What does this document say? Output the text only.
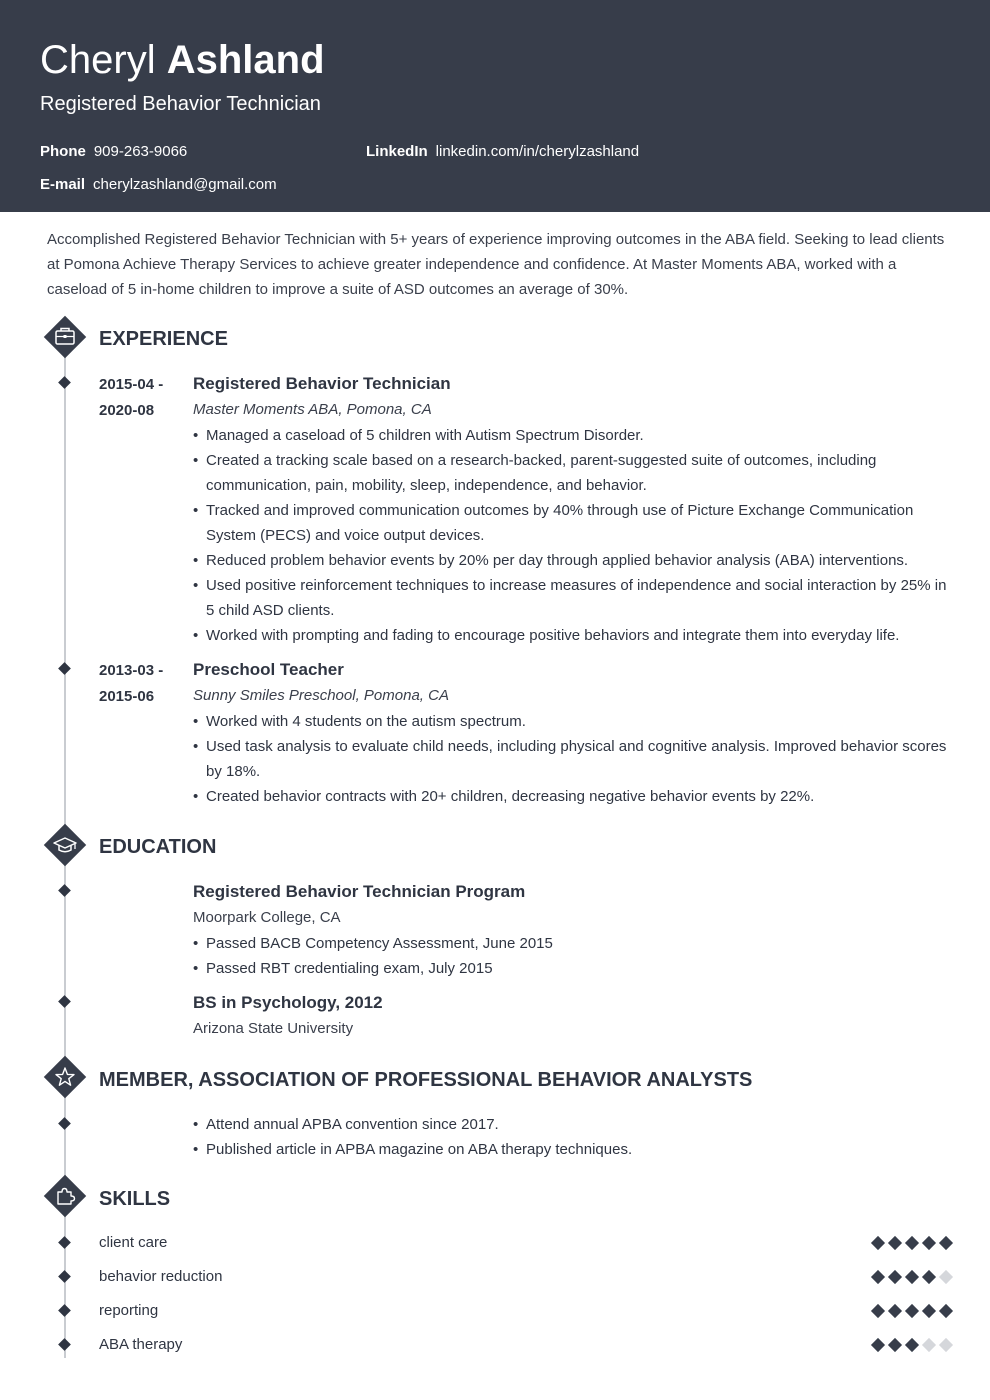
Cheryl Ashland
Registered Behavior Technician
Phone 909-263-9066	LinkedIn linkedin.com/in/cherylzashland
E-mail cherylzashland@gmail.com
Accomplished Registered Behavior Technician with 5+ years of experience improving outcomes in the ABA field. Seeking to lead clients at Pomona Achieve Therapy Services to achieve greater independence and confidence. At Master Moments ABA, worked with a caseload of 5 in-home children to improve a suite of ASD outcomes an average of 30%.
EXPERIENCE
2015-04 -
2020-08
Registered Behavior Technician
Master Moments ABA, Pomona, CA
• Managed a caseload of 5 children with Autism Spectrum Disorder.
• Created a tracking scale based on a research-backed, parent-suggested suite of outcomes, including communication, pain, mobility, sleep, independence, and behavior.
• Tracked and improved communication outcomes by 40% through use of Picture Exchange Communication System (PECS) and voice output devices.
• Reduced problem behavior events by 20% per day through applied behavior analysis (ABA) interventions.
• Used positive reinforcement techniques to increase measures of independence and social interaction by 25% in 5 child ASD clients.
• Worked with prompting and fading to encourage positive behaviors and integrate them into everyday life.
2013-03 -
2015-06
Preschool Teacher
Sunny Smiles Preschool, Pomona, CA
• Worked with 4 students on the autism spectrum.
• Used task analysis to evaluate child needs, including physical and cognitive analysis. Improved behavior scores by 18%.
• Created behavior contracts with 20+ children, decreasing negative behavior events by 22%.
EDUCATION
Registered Behavior Technician Program
Moorpark College, CA
• Passed BACB Competency Assessment, June 2015
• Passed RBT credentialing exam, July 2015
BS in Psychology, 2012
Arizona State University
MEMBER, ASSOCIATION OF PROFESSIONAL BEHAVIOR ANALYSTS
• Attend annual APBA convention since 2017.
• Published article in APBA magazine on ABA therapy techniques.
SKILLS
client care
behavior reduction
reporting
ABA therapy
